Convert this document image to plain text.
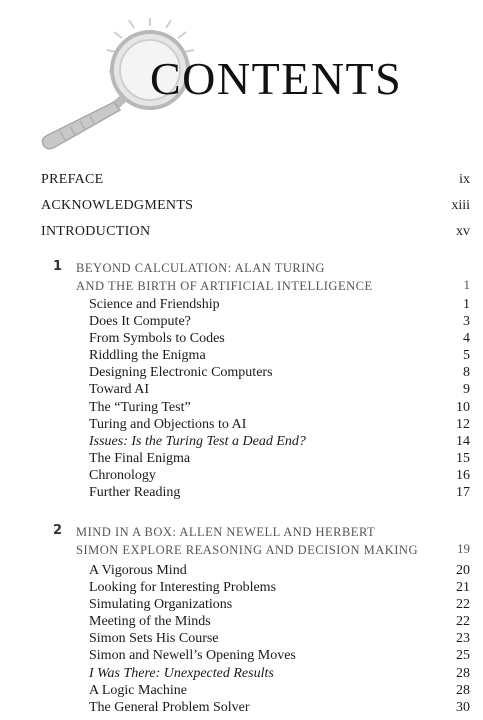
CONTENTS
PREFACE	ix
ACKNOWLEDGMENTS	xiii
INTRODUCTION	xv
1 BEYOND CALCULATION: ALAN TURING
AND THE BIRTH OF ARTIFICIAL INTELLIGENCE	1
Science and Friendship	1
Does It Compute?	3
From Symbols to Codes	4
Riddling the Enigma	5
Designing Electronic Computers	8
Toward AI	9
The “Turing Test”	10
Turing and Objections to AI	12
Issues: Is the Turing Test a Dead End?	14
The Final Enigma	15
Chronology	16
Further Reading	17
2 MIND IN A BOX: ALLEN NEWELL AND HERBERT
SIMON EXPLORE REASONING AND DECISION MAKING	19
A Vigorous Mind	20
Looking for Interesting Problems	21
Simulating Organizations	22
Meeting of the Minds	22
Simon Sets His Course	23
Simon and Newell’s Opening Moves	25
I Was There: Unexpected Results	28
A Logic Machine	28
The General Problem Solver	30
